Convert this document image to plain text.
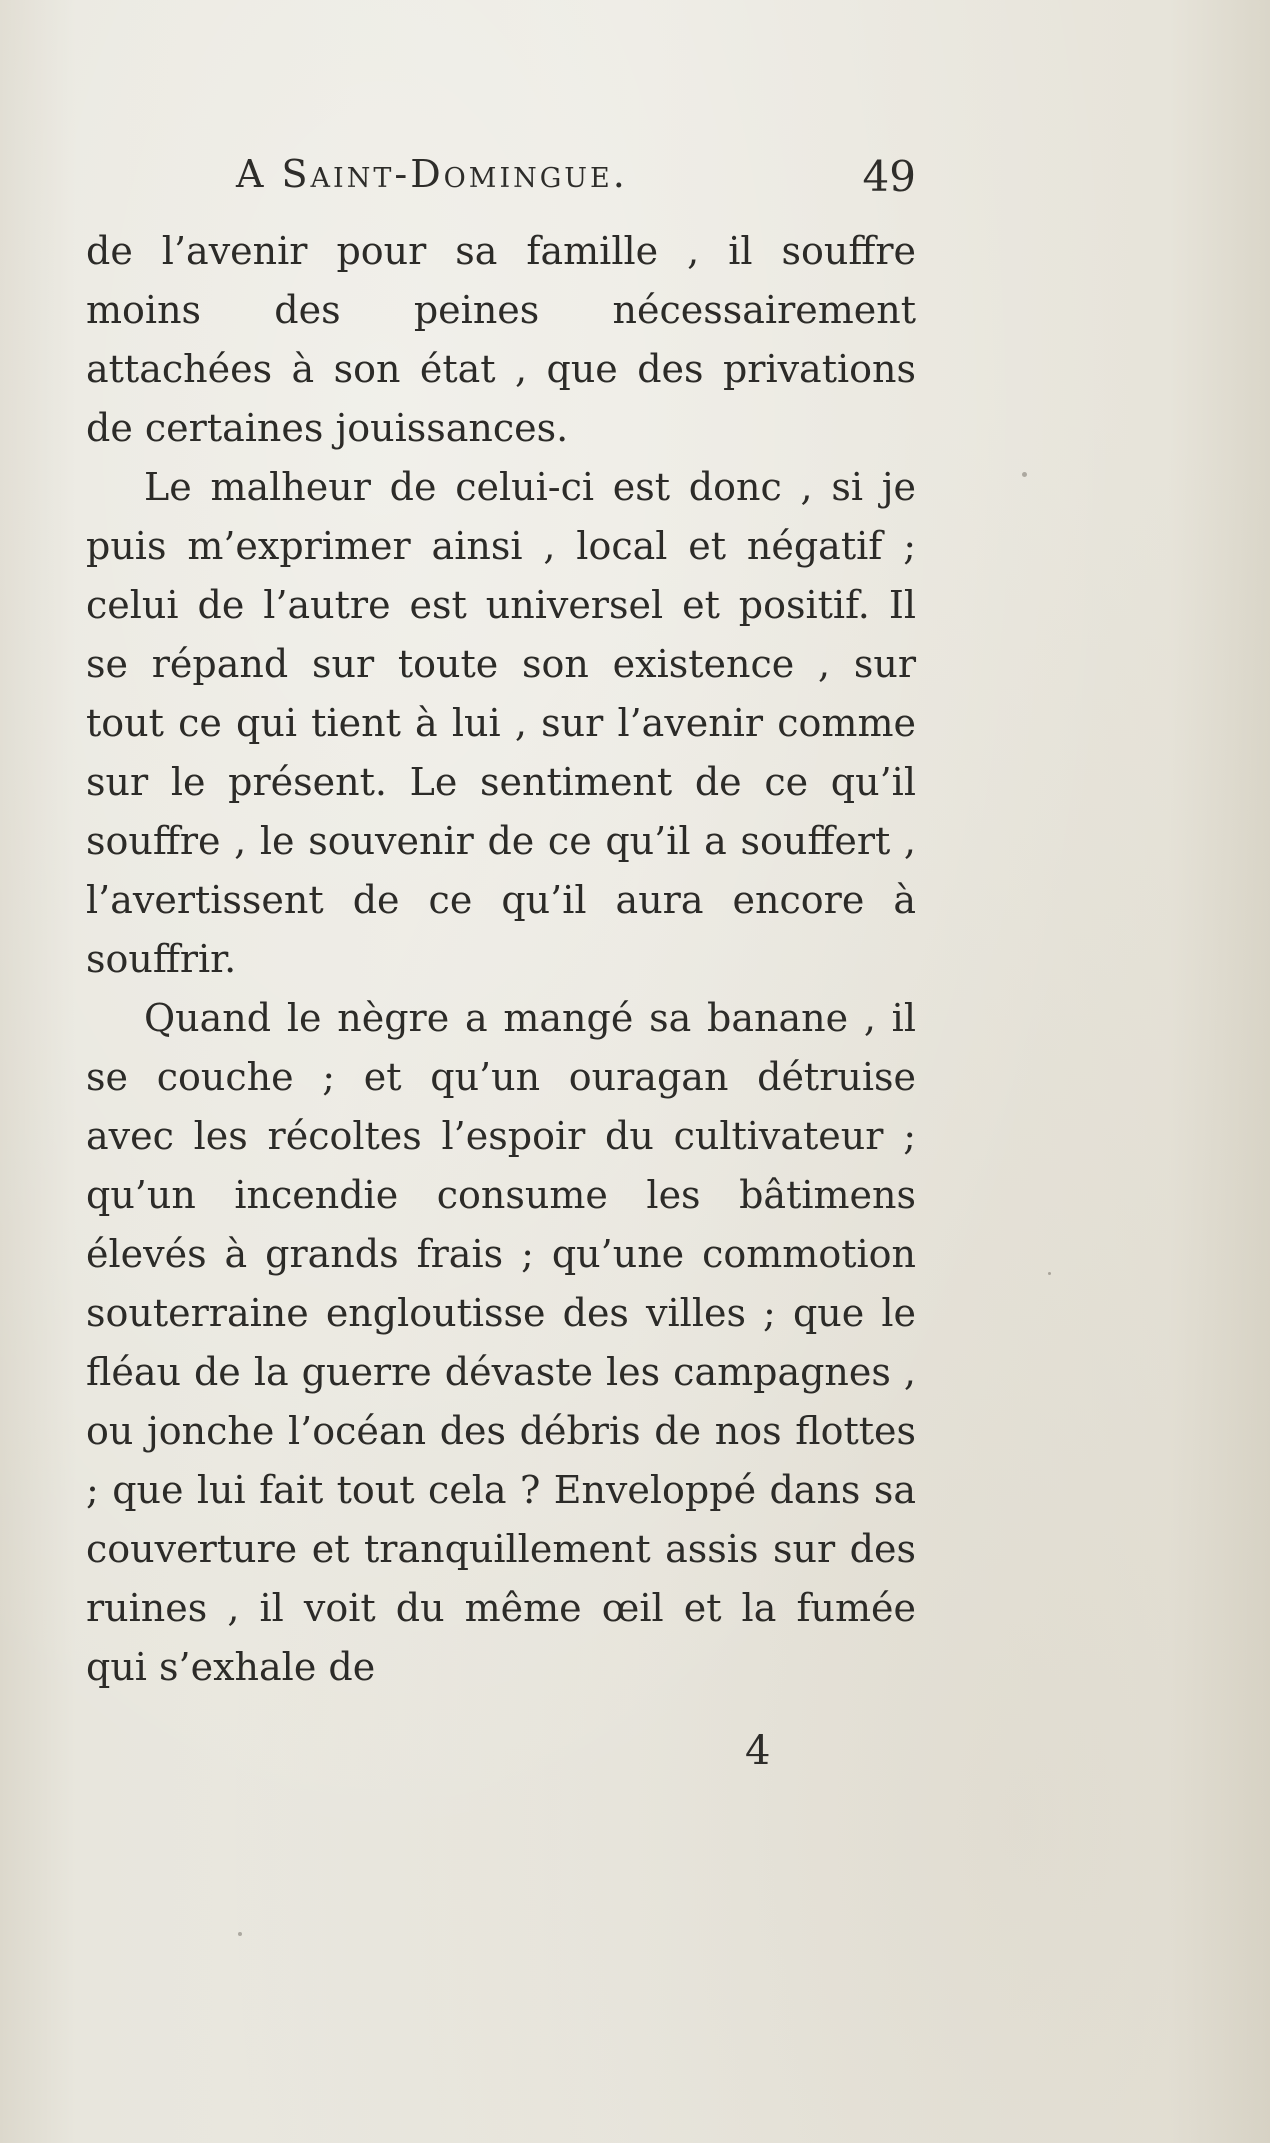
A Saint-Domingue.	49

de l’avenir pour sa famille , il souffre moins des peines nécessairement attachées à son état , que des privations de certaines jouissances.

Le malheur de celui-ci est donc , si je puis m’exprimer ainsi , local et négatif ; celui de l’autre est universel et positif. Il se répand sur toute son existence , sur tout ce qui tient à lui , sur l’avenir comme sur le présent. Le sentiment de ce qu’il souffre , le souvenir de ce qu’il a souffert , l’avertissent de ce qu’il aura encore à souffrir.

Quand le nègre a mangé sa banane , il se couche ; et qu’un ouragan détruise avec les récoltes l’espoir du cultivateur ; qu’un incendie consume les bâtimens élevés à grands frais ; qu’une commotion souterraine engloutisse des villes ; que le fléau de la guerre dévaste les campagnes , ou jonche l’océan des débris de nos flottes ; que lui fait tout cela ? Enveloppé dans sa couverture et tranquillement assis sur des ruines , il voit du même œil et la fumée qui s’exhale de

4
